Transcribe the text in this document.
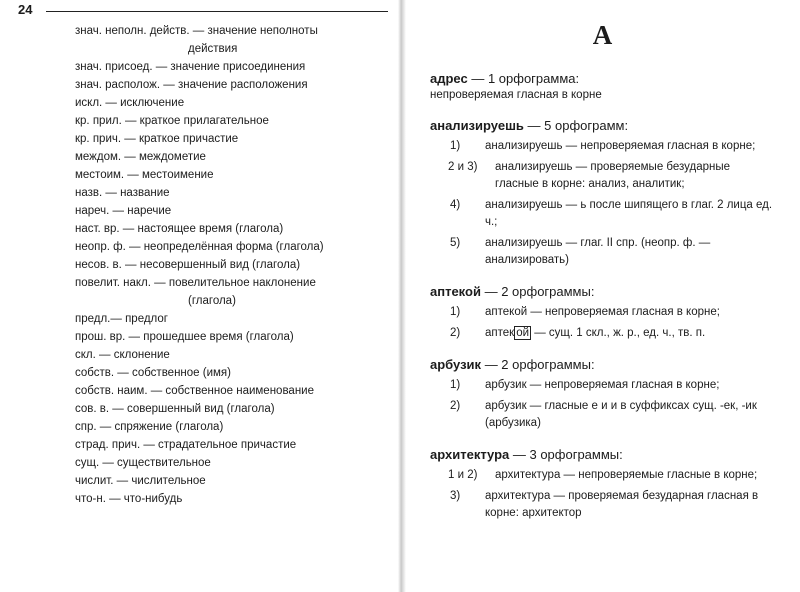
24
знач. неполн. действ. — значение неполноты
действия
знач. присоед. — значение присоединения
знач. располож. — значение расположения
искл. — исключение
кр. прил. — краткое прилагательное
кр. прич. — краткое причастие
междом. — междометие
местоим. — местоимение
назв. — название
нареч. — наречие
наст. вр. — настоящее время (глагола)
неопр. ф. — неопределённая форма (глагола)
несов. в. — несовершенный вид (глагола)
повелит. накл. — повелительное наклонение
(глагола)
предл.— предлог
прош. вр. — прошедшее время (глагола)
скл. — склонение
собств. — собственное (имя)
собств. наим. — собственное наименование
сов. в. — совершенный вид (глагола)
спр. — спряжение (глагола)
страд. прич. — страдательное причастие
сущ. — существительное
числит. — числительное
что-н. — что-нибудь
А
адрес — 1 орфограмма:
непроверяемая гласная в корне
анализируешь — 5 орфограмм:
1) анализируешь — непроверяемая гласная в корне;
2 и 3) анализируешь — проверяемые безударные гласные в корне: анализ, аналитик;
4) анализируешь — ь после шипящего в глаг. 2 лица ед. ч.;
5) анализируешь — глаг. II спр. (неопр. ф. — анализировать)
аптекой — 2 орфограммы:
1) аптекой — непроверяемая гласная в корне;
2) аптек ой — сущ. 1 скл., ж. р., ед. ч., тв. п.
арбузик — 2 орфограммы:
1) арбузик — непроверяемая гласная в корне;
2) арбузик — гласные е и и в суффиксах сущ. -ек, -ик (арбузика)
архитектура — 3 орфограммы:
1 и 2) архитектура — непроверяемые гласные в корне;
3) архитектура — проверяемая безударная гласная в корне: архитектор
